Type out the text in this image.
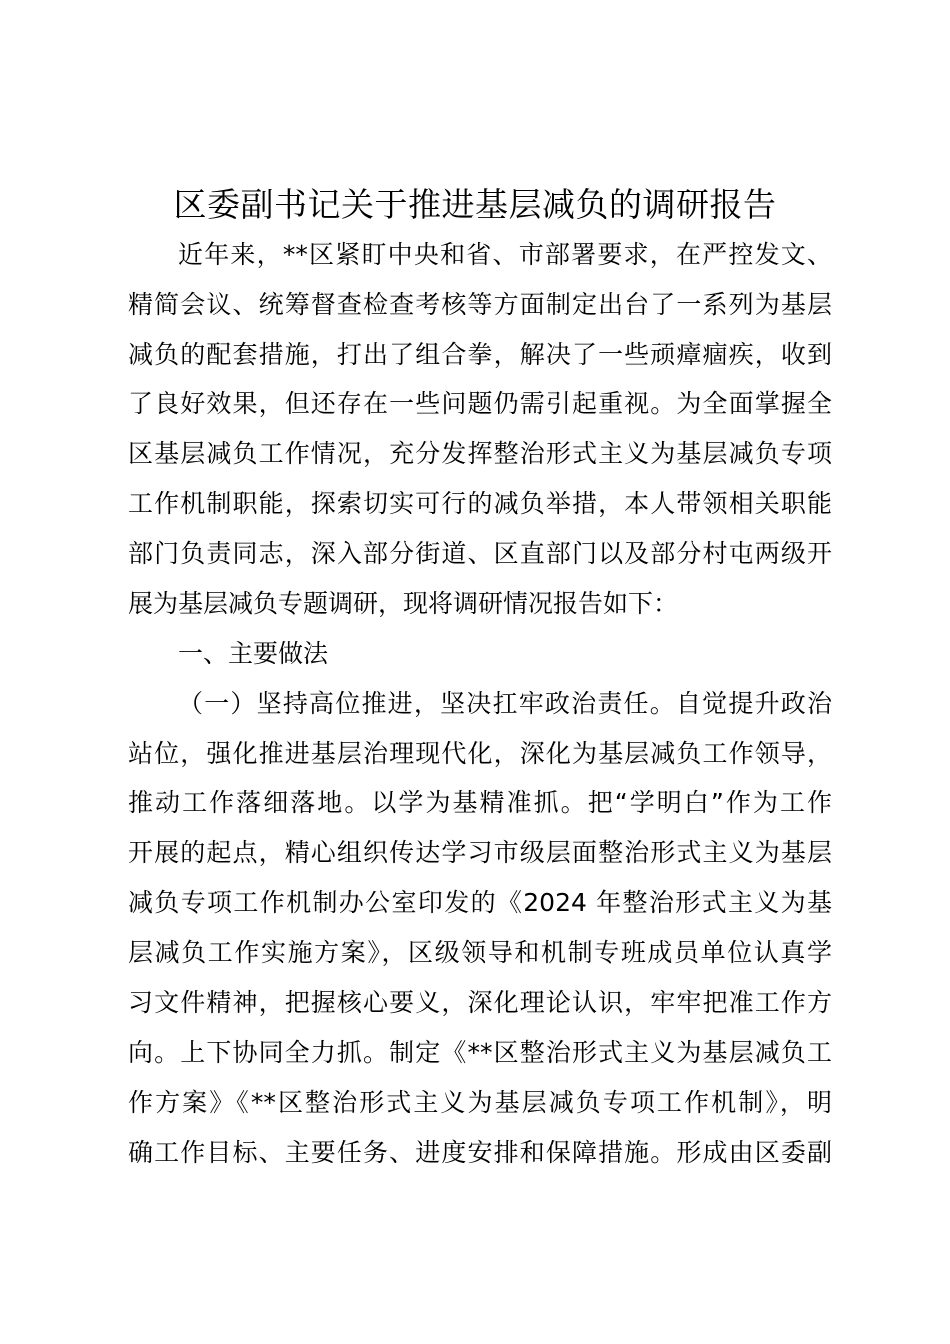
区委副书记关于推进基层减负的调研报告
近年来，**区紧盯中央和省、市部署要求，在严控发文、
精简会议、统筹督查检查考核等方面制定出台了一系列为基层
减负的配套措施，打出了组合拳，解决了一些顽瘴痼疾，收到
了良好效果，但还存在一些问题仍需引起重视。为全面掌握全
区基层减负工作情况，充分发挥整治形式主义为基层减负专项
工作机制职能，探索切实可行的减负举措，本人带领相关职能
部门负责同志，深入部分街道、区直部门以及部分村屯两级开
展为基层减负专题调研，现将调研情况报告如下：
一、主要做法
（一）坚持高位推进，坚决扛牢政治责任。自觉提升政治
站位，强化推进基层治理现代化，深化为基层减负工作领导，
推动工作落细落地。以学为基精准抓。把“学明白”作为工作
开展的起点，精心组织传达学习市级层面整治形式主义为基层
减负专项工作机制办公室印发的《2024 年整治形式主义为基
层减负工作实施方案》，区级领导和机制专班成员单位认真学
习文件精神，把握核心要义，深化理论认识，牢牢把准工作方
向。上下协同全力抓。制定《**区整治形式主义为基层减负工
作方案》《**区整治形式主义为基层减负专项工作机制》，明
确工作目标、主要任务、进度安排和保障措施。形成由区委副
